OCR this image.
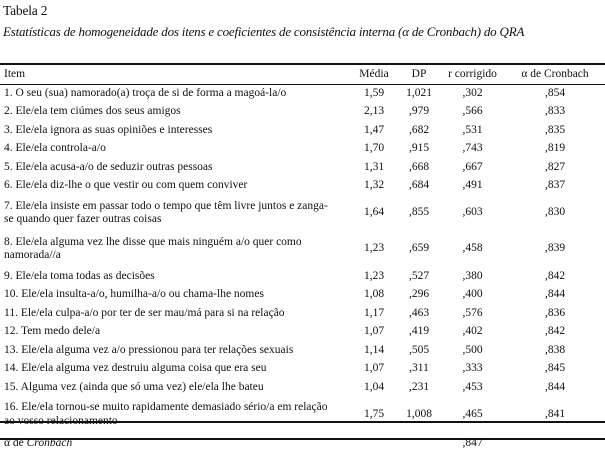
Tabela 2
Estatísticas de homogeneidade dos itens e coeficientes de consistência interna (α de Cronbach) do QRA
Item	Média	DP	r corrigido	α de Cronbach
1. O seu (sua) namorado(a) troça de si de forma a magoá-la/o	1,59	1,021	,302	,854
2. Ele/ela tem ciúmes dos seus amigos	2,13	,979	,566	,833
3. Ele/ela ignora as suas opiniões e interesses	1,47	,682	,531	,835
4. Ele/ela controla-a/o	1,70	,915	,743	,819
5. Ele/ela acusa-a/o de seduzir outras pessoas	1,31	,668	,667	,827
6. Ele/ela diz-lhe o que vestir ou com quem conviver	1,32	,684	,491	,837
7. Ele/ela insiste em passar todo o tempo que têm livre juntos e zanga-se quando quer fazer outras coisas	1,64	,855	,603	,830
8. Ele/ela alguma vez lhe disse que mais ninguém a/o quer como namorada//a	1,23	,659	,458	,839
9. Ele/ela toma todas as decisões	1,23	,527	,380	,842
10. Ele/ela insulta-a/o, humilha-a/o ou chama-lhe nomes	1,08	,296	,400	,844
11. Ele/ela culpa-a/o por ter de ser mau/má para si na relação	1,17	,463	,576	,836
12. Tem medo dele/a	1,07	,419	,402	,842
13. Ele/ela alguma vez a/o pressionou para ter relações sexuais	1,14	,505	,500	,838
14. Ele/ela alguma vez destruiu alguma coisa que era seu	1,07	,311	,333	,845
15. Alguma vez (ainda que só uma vez) ele/ela lhe bateu	1,04	,231	,453	,844
16. Ele/ela tornou-se muito rapidamente demasiado sério/a em relação ao vosso relacionamento	1,75	1,008	,465	,841
α de Cronbach			,847	
